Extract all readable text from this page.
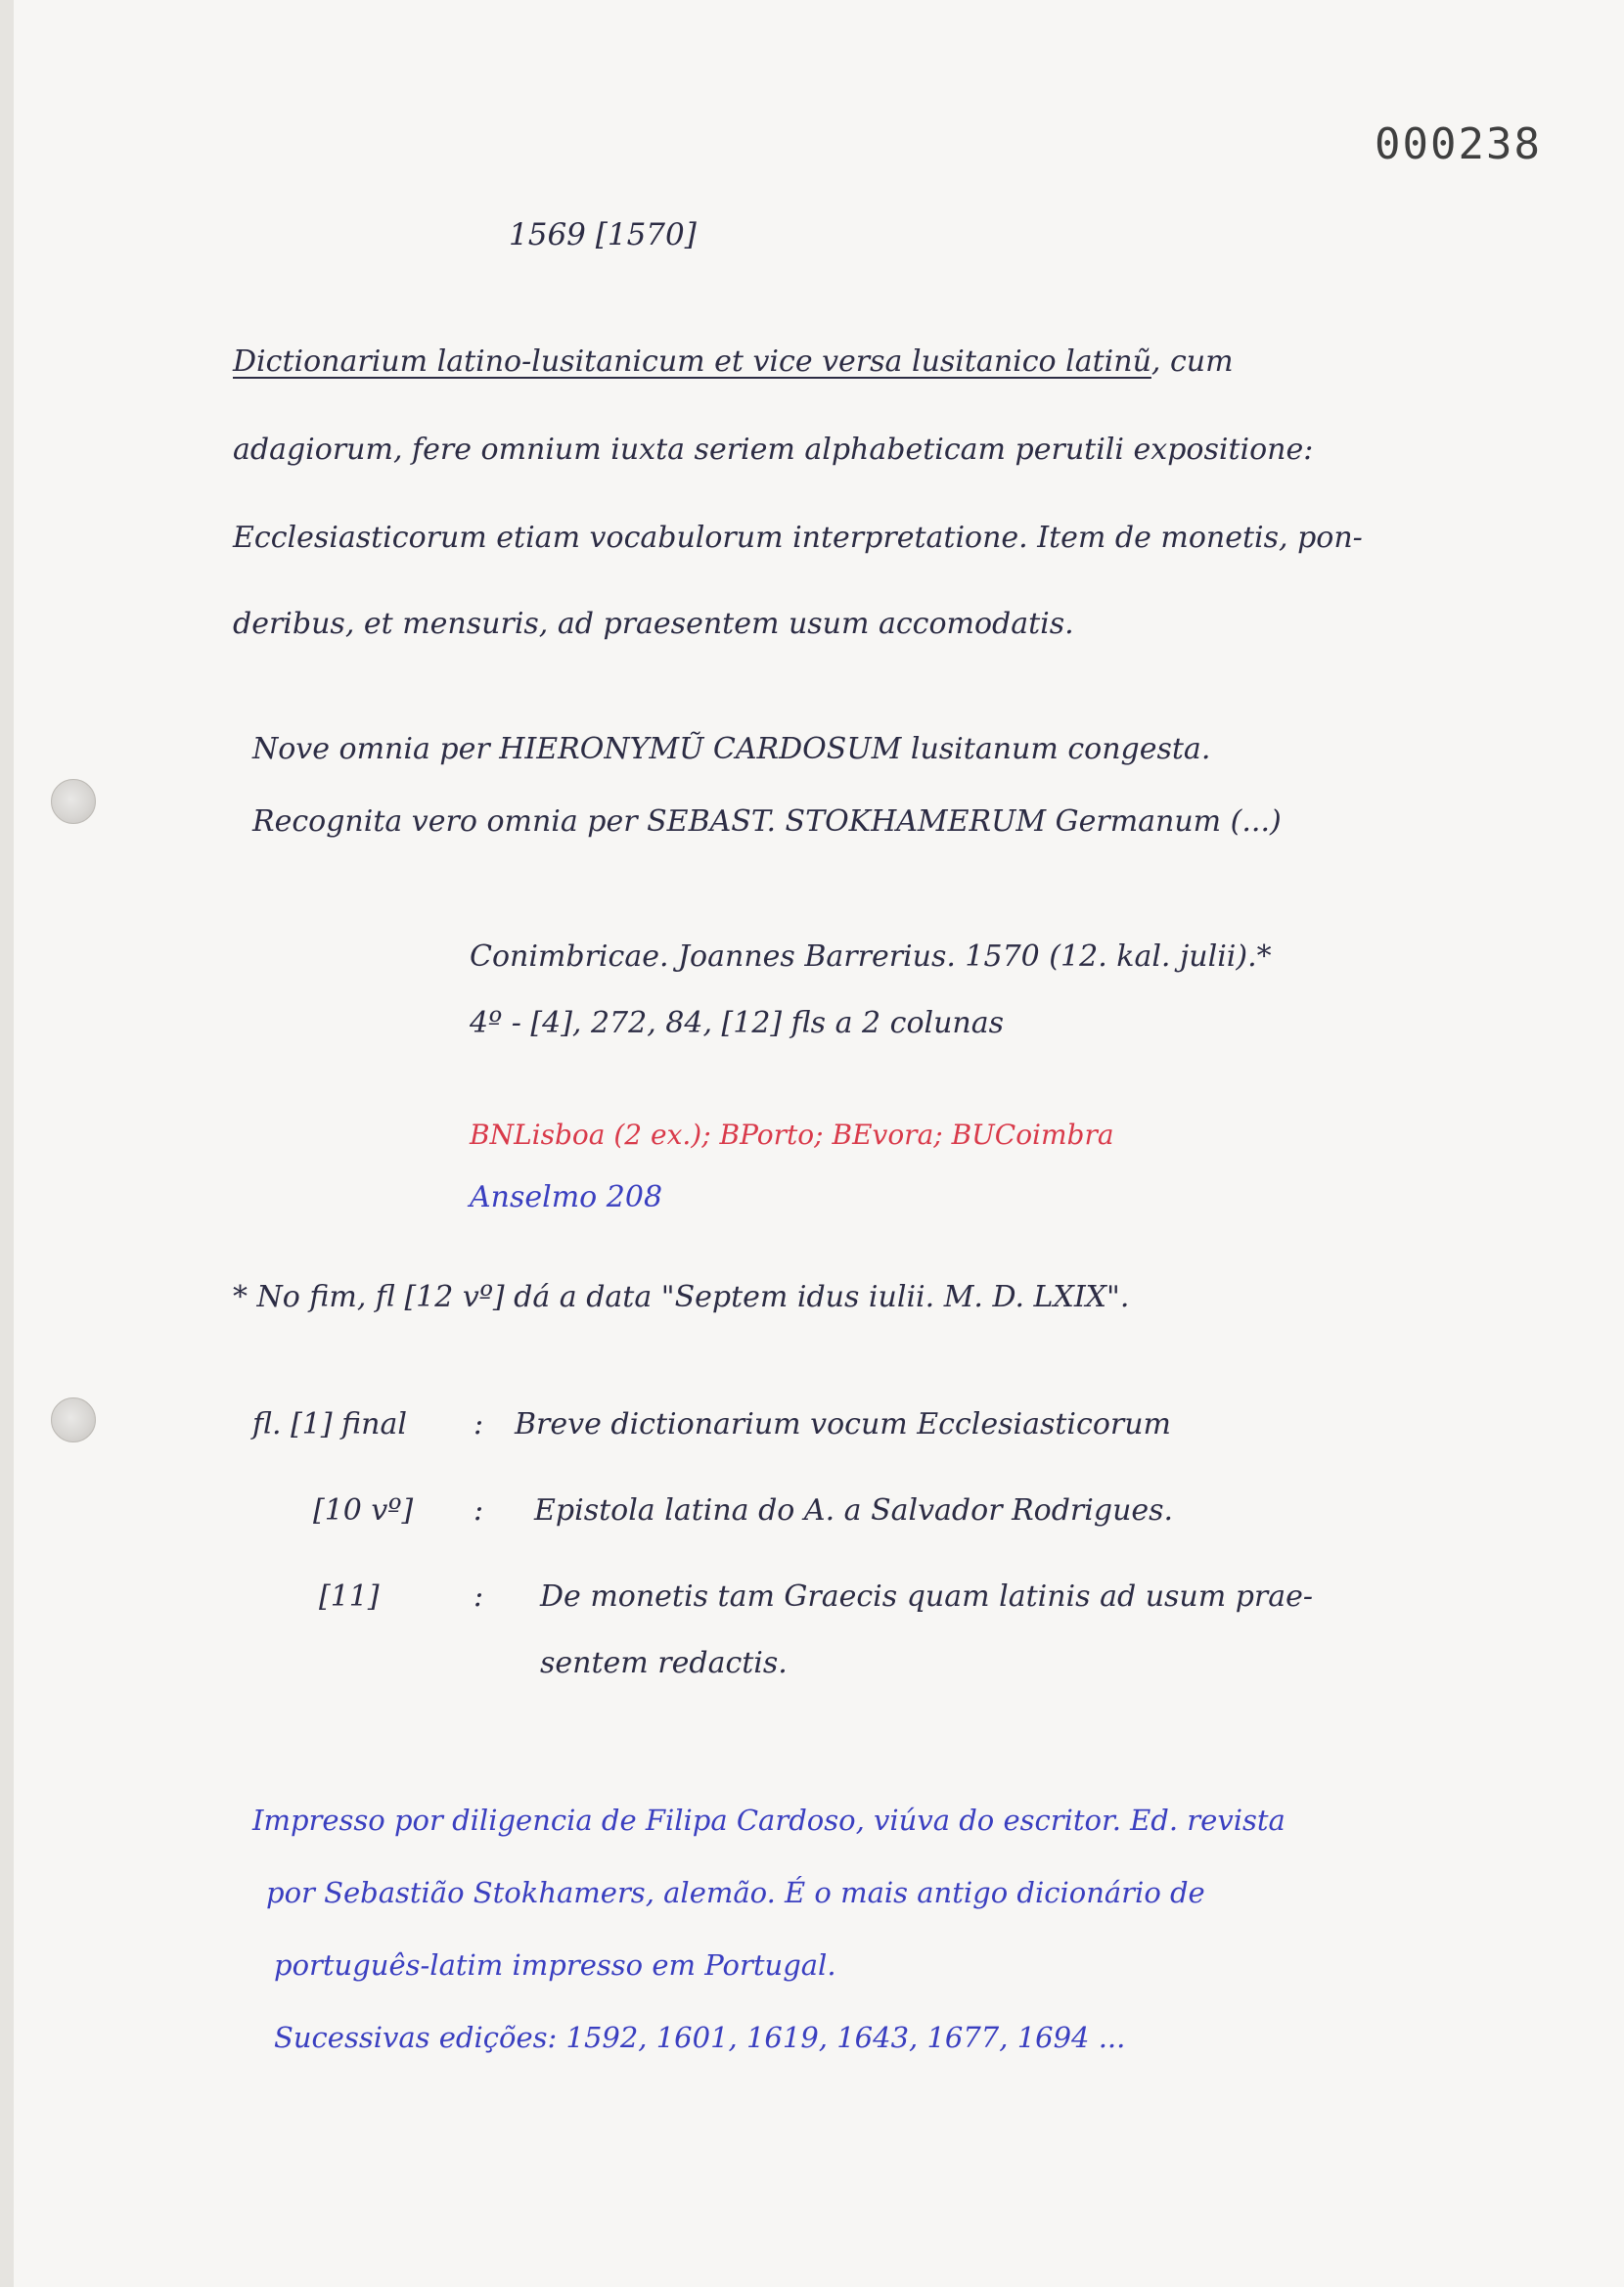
000238
1569 [1570]
Dictionarium latino-lusitanicum et vice versa lusitanico latinũ, cum
adagiorum, fere omnium iuxta seriem alphabeticam perutili expositione:
Ecclesiasticorum etiam vocabulorum interpretatione. Item de monetis, pon-
deribus, et mensuris, ad praesentem usum accomodatis.
Nove omnia per HIERONYMŨ CARDOSUM lusitanum congesta.
Recognita vero omnia per SEBAST. STOKHAMERUM Germanum (...)
Conimbricae. Joannes Barrerius. 1570 (12. kal. julii).*
4º - [4], 272, 84, [12] fls a 2 colunas
BNLisboa (2 ex.); BPorto; BEvora; BUCoimbra
Anselmo 208
* No fim, fl [12 vº] dá a data "Septem idus iulii. M. D. LXIX".
fl. [1] final : Breve dictionarium vocum Ecclesiasticorum
[10 vº] : Epistola latina do A. a Salvador Rodrigues.
[11]	: De monetis tam Graecis quam latinis ad usum prae-
sentem redactis.
Impresso por diligencia de Filipa Cardoso, viúva do escritor. Ed. revista
por Sebastião Stokhamers, alemão. É o mais antigo dicionário de
português-latim impresso em Portugal.
Sucessivas edições: 1592, 1601, 1619, 1643, 1677, 1694 ...
